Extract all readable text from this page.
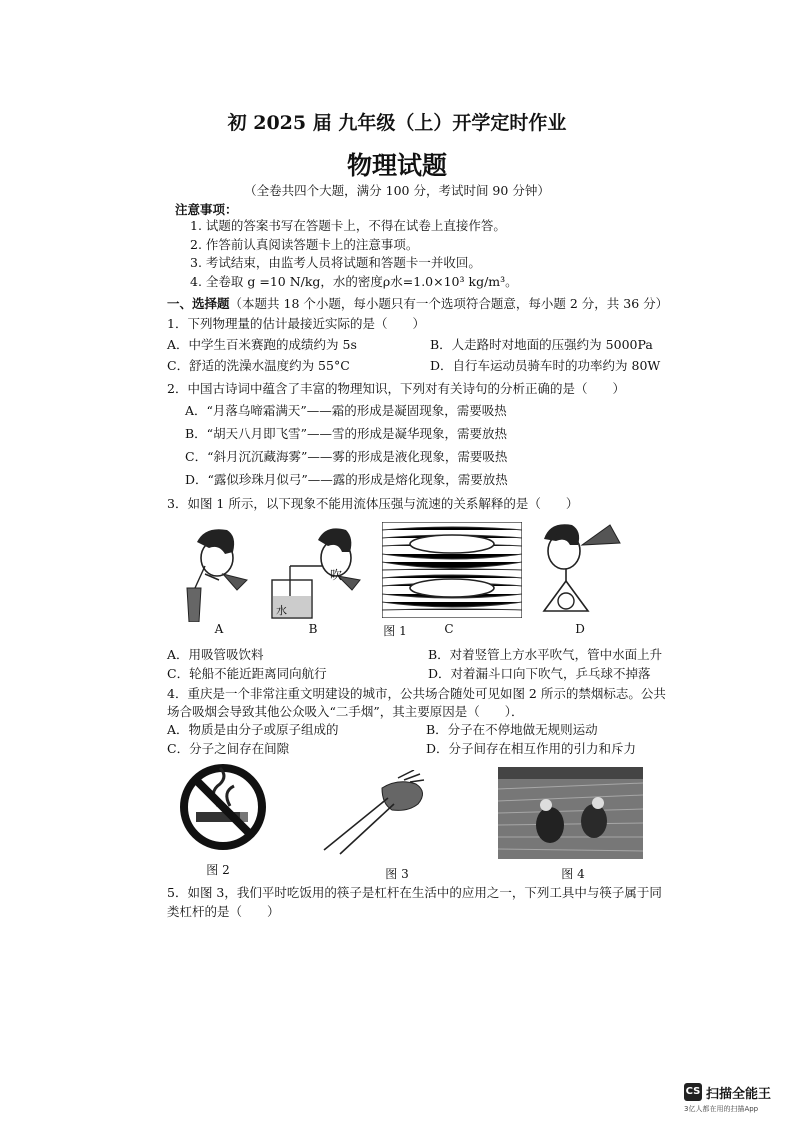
初 2025 届 九年级（上）开学定时作业
物理试题
（全卷共四个大题，满分 100 分，考试时间 90 分钟）
注意事项：
1. 试题的答案书写在答题卡上，不得在试卷上直接作答。
2. 作答前认真阅读答题卡上的注意事项。
3. 考试结束，由监考人员将试题和答题卡一并收回。
4. 全卷取 g =10 N/kg，水的密度ρ水=1.0×10³ kg/m³。
一、选择题（本题共 18 个小题，每小题只有一个选项符合题意，每小题 2 分，共 36 分）
1．下列物理量的估计最接近实际的是（　　）
A．中学生百米赛跑的成绩约为 5s	B．人走路时对地面的压强约为 5000Pa
C．舒适的洗澡水温度约为 55°C	D．自行车运动员骑车时的功率约为 80W
2．中国古诗词中蕴含了丰富的物理知识，下列对有关诗句的分析正确的是（　　）
A．“月落乌啼霜满天”——霜的形成是凝固现象，需要吸热
B．“胡天八月即飞雪”——雪的形成是凝华现象，需要放热
C．“斜月沉沉藏海雾”——雾的形成是液化现象，需要吸热
D．“露似珍珠月似弓”——露的形成是熔化现象，需要放热
3．如图 1 所示，以下现象不能用流体压强与流速的关系解释的是（　　）
A
吹
水
B	图 1	C	D
A．用吸管吸饮料	B．对着竖管上方水平吹气，管中水面上升
C．轮船不能近距离同向航行	D．对着漏斗口向下吹气，乒乓球不掉落
4．重庆是一个非常注重文明建设的城市，公共场合随处可见如图 2 所示的禁烟标志。公共
场合吸烟会导致其他公众吸入“二手烟”，其主要原因是（　　）．
A．物质是由分子或原子组成的	B．分子在不停地做无规则运动
C．分子之间存在间隙	D．分子间存在相互作用的引力和斥力
图 2	图 3	图 4
5．如图 3，我们平时吃饭用的筷子是杠杆在生活中的应用之一，下列工具中与筷子属于同
类杠杆的是（　　）
CS 扫描全能王
3亿人都在用的扫描App
